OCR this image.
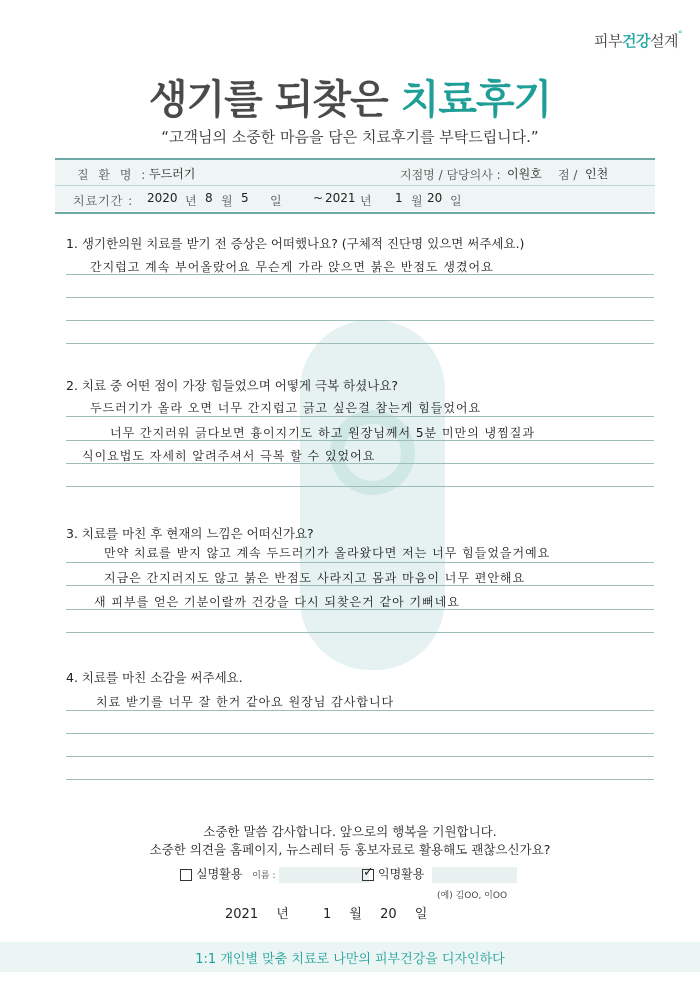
피부건강설계°
생기를 되찾은 치료후기
“고객님의 소중한 마음을 담은 치료후기를 부탁드립니다.”
질 환 명 : 두드러기	지점명 / 담당의사 : 이원호 점 / 인천
치료기간 : 2020 년 8 월 5 일	~ 2021 년 1 월 20 일
1. 생기한의원 치료를 받기 전 증상은 어떠했나요? (구체적 진단명 있으면 써주세요.)
간지럽고 계속 부어올랐어요 무슨게 가라 앉으면 붉은 반점도 생겼어요
2. 치료 중 어떤 점이 가장 힘들었으며 어떻게 극복 하셨나요?
두드러기가 올라 오면 너무 간지럽고 긁고 싶은걸 참는게 힘들었어요
너무 간지러워 긁다보면 흉이지기도 하고 원장님께서 5분 미만의 냉찜질과
식이요법도 자세히 알려주셔서 극복 할 수 있었어요
3. 치료를 마친 후 현재의 느낌은 어떠신가요?
만약 치료를 받지 않고 계속 두드러기가 올라왔다면 저는 너무 힘들었을거예요
지금은 간지러지도 않고 붉은 반점도 사라지고 몸과 마음이 너무 편안해요
새 피부를 얻은 기분이랄까 건강을 다시 되찾은거 같아 기뻐네요
4. 치료를 마친 소감을 써주세요.
치료 받기를 너무 잘 한거 같아요 원장님 감사합니다
소중한 말씀 감사합니다. 앞으로의 행복을 기원합니다.
소중한 의견을 홈페이지, 뉴스레터 등 홍보자료로 활용해도 괜찮으신가요?
실명활용 이름 :	✓ 익명활용
(예) 김OO, 이OO
2021 년	1 월 20 일
1:1 개인별 맞춤 치료로 나만의 피부건강을 디자인하다
